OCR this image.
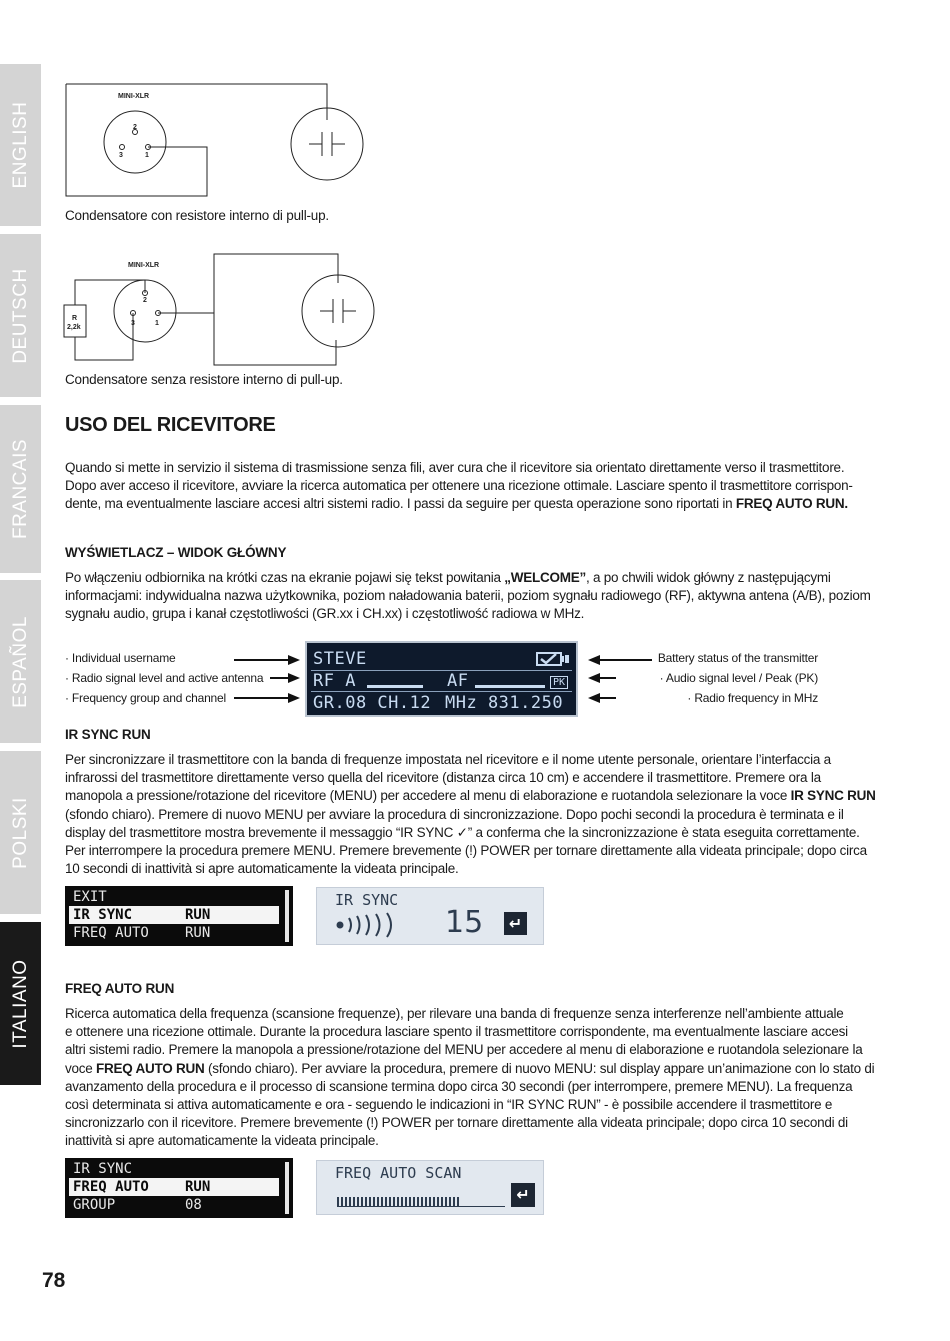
ENGLISH
DEUTSCH
FRANCAIS
ESPAÑOL
POLSKI
ITALIANO
MINI-XLR
2
3	1
Condensatore con resistore interno di pull-up.
MINI-XLR
2
3	1
R
2,2k
Condensatore senza resistore interno di pull-up.
USO DEL RICEVITORE
Quando si mette in servizio il sistema di trasmissione senza fili, aver cura che il ricevitore sia orientato direttamente verso il trasmettitore.
Dopo aver acceso il ricevitore, avviare la ricerca automatica per ottenere una ricezione ottimale. Lasciare spento il trasmettitore corrispon-
dente, ma eventualmente lasciare accesi altri sistemi radio. I passi da seguire per questa operazione sono riportati in FREQ AUTO RUN.
WYŚWIETLACZ – WIDOK GŁÓWNY
Po włączeniu odbiornika na krótki czas na ekranie pojawi się tekst powitania „WELCOME”, a po chwili widok główny z następującymi
informacjami: indywidualna nazwa użytkownika, poziom naładowania baterii, poziom sygnału radiowego (RF), aktywna antena (A/B), poziom
sygnału audio, grupa i kanał częstotliwości (GR.xx i CH.xx) i częstotliwość radiowa w MHz.
· Individual username
· Radio signal level and active antenna
· Frequency group and channel
Battery status of the transmitter
· Audio signal level / Peak (PK)
· Radio frequency in MHz
STEVE
RF A	AF	PK
GR.08 CH.12 MHz 831.250
IR SYNC RUN
Per sincronizzare il trasmettitore con la banda di frequenze impostata nel ricevitore e il nome utente personale, orientare l’interfaccia a
infrarossi del trasmettitore direttamente verso quella del ricevitore (distanza circa 10 cm) e accendere il trasmettitore. Premere ora la
manopola a pressione/rotazione del ricevitore (MENU) per accedere al menu di elaborazione e ruotandola selezionare la voce IR SYNC RUN
(sfondo chiaro). Premere di nuovo MENU per avviare la procedura di sincronizzazione. Dopo pochi secondi la procedura è terminata e il
display del trasmettitore mostra brevemente il messaggio “IR SYNC ✓” a conferma che la sincronizzazione è stata eseguita correttamente.
Per interrompere la procedura premere MENU. Premere brevemente (!) POWER per tornare direttamente alla videata principale; dopo circa
10 secondi di inattività si apre automaticamente la videata principale.
EXIT
IR SYNC	RUN
FREQ AUTO	RUN
IR SYNC
15 ↵
FREQ AUTO RUN
Ricerca automatica della frequenza (scansione frequenze), per rilevare una banda di frequenze senza interferenze nell’ambiente attuale
e ottenere una ricezione ottimale. Durante la procedura lasciare spento il trasmettitore corrispondente, ma eventualmente lasciare accesi
altri sistemi radio. Premere la manopola a pressione/rotazione del MENU per accedere al menu di elaborazione e ruotandola selezionare la
voce FREQ AUTO RUN (sfondo chiaro). Per avviare la procedura, premere di nuovo MENU: sul display appare un’animazione con lo stato di
avanzamento della procedura e il processo di scansione termina dopo circa 30 secondi (per interrompere, premere MENU). La frequenza
così determinata si attiva automaticamente e ora - seguendo le indicazioni in “IR SYNC RUN” - è possibile accendere il trasmettitore e
sincronizzarlo con il ricevitore. Premere brevemente (!) POWER per tornare direttamente alla videata principale; dopo circa 10 secondi di
inattività si apre automaticamente la videata principale.
IR SYNC
FREQ AUTO	RUN
GROUP	08
FREQ AUTO SCAN
↵
78
